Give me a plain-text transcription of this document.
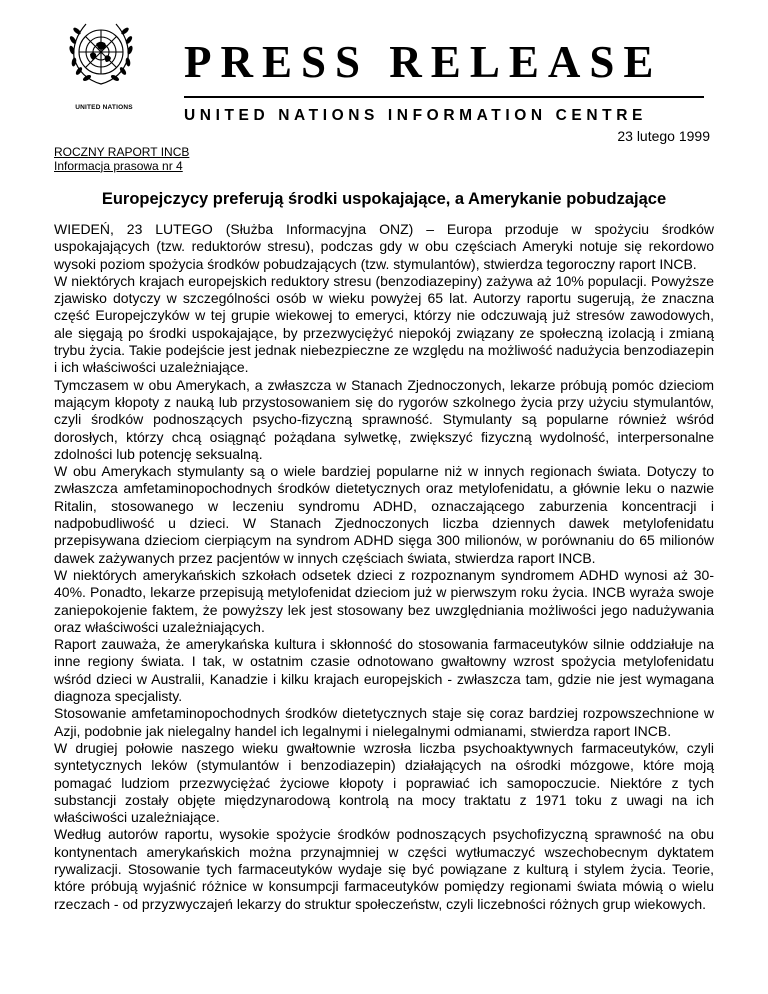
UNITED NATIONS
PRESS RELEASE
UNITED NATIONS INFORMATION CENTRE
23 lutego 1999
ROCZNY RAPORT INCB
Informacja prasowa nr 4
Europejczycy preferują środki uspokajające, a Amerykanie pobudzające

WIEDEŃ, 23 LUTEGO (Służba Informacyjna ONZ) – Europa przoduje w spożyciu środków uspokajających (tzw. reduktorów stresu), podczas gdy w obu częściach Ameryki notuje się rekordowo wysoki poziom spożycia środków pobudzających (tzw. stymulantów), stwierdza tegoroczny raport INCB.

W niektórych krajach europejskich reduktory stresu (benzodiazepiny) zażywa aż 10% populacji. Powyższe zjawisko dotyczy w szczególności osób w wieku powyżej 65 lat. Autorzy raportu sugerują, że znaczna część Europejczyków w tej grupie wiekowej to emeryci, którzy nie odczuwają już stresów zawodowych, ale sięgają po środki uspokajające, by przezwyciężyć niepokój związany ze społeczną izolacją i zmianą trybu życia. Takie podejście jest jednak niebezpieczne ze względu na możliwość nadużycia benzodiazepin i ich właściwości uzależniające.

Tymczasem w obu Amerykach, a zwłaszcza w Stanach Zjednoczonych, lekarze próbują pomóc dzieciom mającym kłopoty z nauką lub przystosowaniem się do rygorów szkolnego życia przy użyciu stymulantów, czyli środków podnoszących psycho-fizyczną sprawność. Stymulanty są popularne również wśród dorosłych, którzy chcą osiągnąć pożądana sylwetkę, zwiększyć fizyczną wydolność, interpersonalne zdolności lub potencję seksualną.

W obu Amerykach stymulanty są o wiele bardziej popularne niż w innych regionach świata. Dotyczy to zwłaszcza amfetaminopochodnych środków dietetycznych oraz metylofenidatu, a głównie leku o nazwie Ritalin, stosowanego w leczeniu syndromu ADHD, oznaczającego zaburzenia koncentracji i nadpobudliwość u dzieci. W Stanach Zjednoczonych liczba dziennych dawek metylofenidatu przepisywana dzieciom cierpiącym na syndrom ADHD sięga 300 milionów, w porównaniu do 65 milionów dawek zażywanych przez pacjentów w innych częściach świata, stwierdza raport INCB.

W niektórych amerykańskich szkołach odsetek dzieci z rozpoznanym syndromem ADHD wynosi aż 30-40%. Ponadto, lekarze przepisują metylofenidat dzieciom już w pierwszym roku życia. INCB wyraża swoje zaniepokojenie faktem, że powyższy lek jest stosowany bez uwzględniania możliwości jego nadużywania oraz właściwości uzależniających.

Raport zauważa, że amerykańska kultura i skłonność do stosowania farmaceutyków silnie oddziałuje na inne regiony świata. I tak, w ostatnim czasie odnotowano gwałtowny wzrost spożycia metylofenidatu wśród dzieci w Australii, Kanadzie i kilku krajach europejskich - zwłaszcza tam, gdzie nie jest wymagana diagnoza specjalisty.

Stosowanie amfetaminopochodnych środków dietetycznych staje się coraz bardziej rozpowszechnione w Azji, podobnie jak nielegalny handel ich legalnymi i nielegalnymi odmianami, stwierdza raport INCB.

W drugiej połowie naszego wieku gwałtownie wzrosła liczba psychoaktywnych farmaceutyków, czyli syntetycznych leków (stymulantów i benzodiazepin) działających na ośrodki mózgowe, które moją pomagać ludziom przezwyciężać życiowe kłopoty i poprawiać ich samopoczucie. Niektóre z tych substancji zostały objęte międzynarodową kontrolą na mocy traktatu z 1971 toku z uwagi na ich właściwości uzależniające.

Według autorów raportu, wysokie spożycie środków podnoszących psychofizyczną sprawność na obu kontynentach amerykańskich można przynajmniej w części wytłumaczyć wszechobecnym dyktatem rywalizacji. Stosowanie tych farmaceutyków wydaje się być powiązane z kulturą i stylem życia. Teorie, które próbują wyjaśnić różnice w konsumpcji farmaceutyków pomiędzy regionami świata mówią o wielu rzeczach - od przyzwyczajeń lekarzy do struktur społeczeństw, czyli liczebności różnych grup wiekowych.
